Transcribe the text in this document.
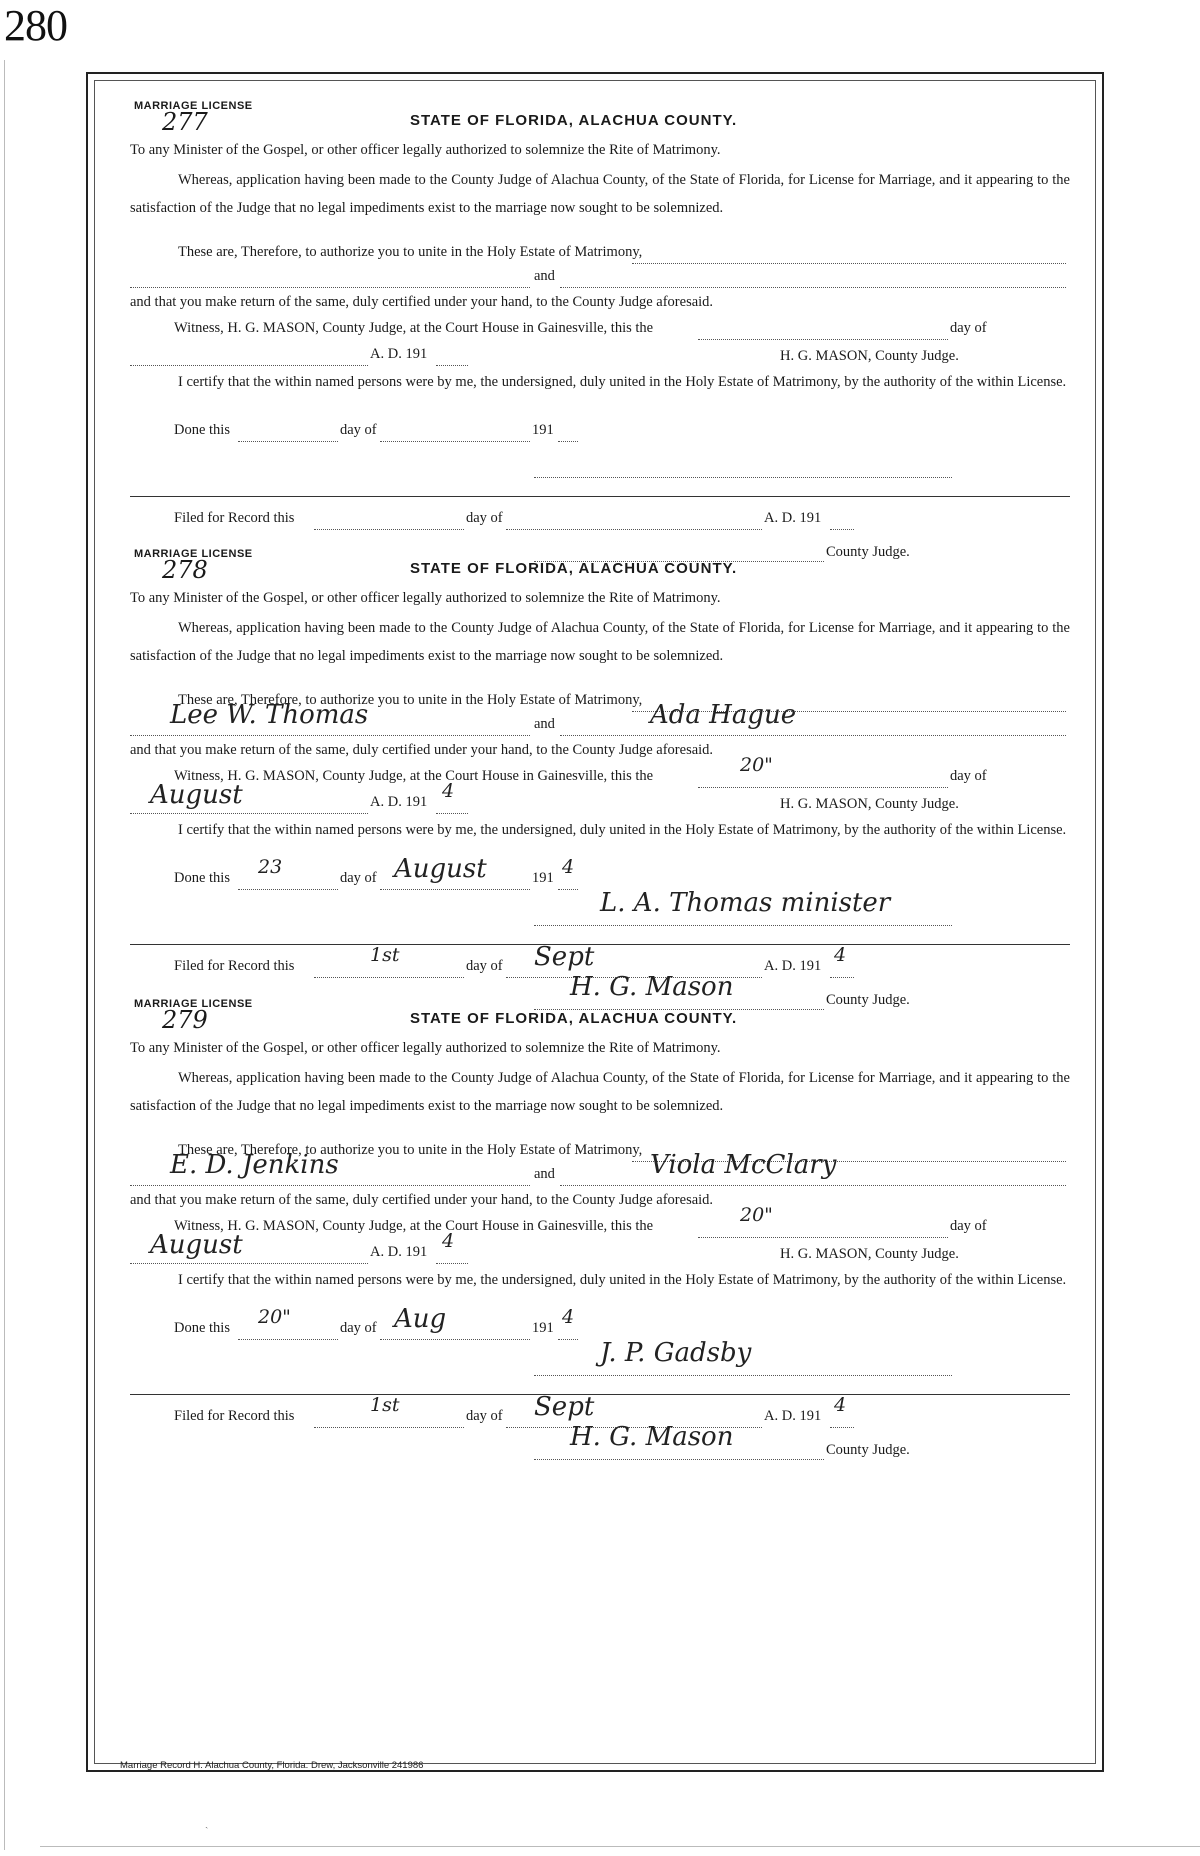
280
MARRIAGE LICENSE
277	STATE OF FLORIDA, ALACHUA COUNTY.
To any Minister of the Gospel, or other officer legally authorized to solemnize the Rite of Matrimony.
Whereas, application having been made to the County Judge of Alachua County, of the State of Florida, for License for Marriage, and it appearing to the satisfaction of the Judge that no legal impediments exist to the marriage now sought to be solemnized.
These are, Therefore, to authorize you to unite in the Holy Estate of Matrimony,
and
and that you make return of the same, duly certified under your hand, to the County Judge aforesaid.
Witness, H. G. MASON, County Judge, at the Court House in Gainesville, this the	day of
A. D. 191	H. G. MASON, County Judge.
I certify that the within named persons were by me, the undersigned, duly united in the Holy Estate of Matrimony, by the authority of the within License.
Done this	day of	191
Filed for Record this	day of	A. D. 191
County Judge.
MARRIAGE LICENSE
278	STATE OF FLORIDA, ALACHUA COUNTY.
To any Minister of the Gospel, or other officer legally authorized to solemnize the Rite of Matrimony.
Whereas, application having been made to the County Judge of Alachua County, of the State of Florida, for License for Marriage, and it appearing to the satisfaction of the Judge that no legal impediments exist to the marriage now sought to be solemnized.
These are, Therefore, to authorize you to unite in the Holy Estate of Matrimony,
Lee W. Thomas	and	Ada Hague
and that you make return of the same, duly certified under your hand, to the County Judge aforesaid.
Witness, H. G. MASON, County Judge, at the Court House in Gainesville, this the	20"	day of
August	A. D. 191 4
H. G. MASON, County Judge.
I certify that the within named persons were by me, the undersigned, duly united in the Holy Estate of Matrimony, by the authority of the within License.
Done this 23	day of August	191 4
L. A. Thomas minister
Filed for Record this	1st	day of Sept	A. D. 191 4
H. G. Mason	County Judge.
MARRIAGE LICENSE
279	STATE OF FLORIDA, ALACHUA COUNTY.
To any Minister of the Gospel, or other officer legally authorized to solemnize the Rite of Matrimony.
Whereas, application having been made to the County Judge of Alachua County, of the State of Florida, for License for Marriage, and it appearing to the satisfaction of the Judge that no legal impediments exist to the marriage now sought to be solemnized.
These are, Therefore, to authorize you to unite in the Holy Estate of Matrimony,
E. D. Jenkins	and	Viola McClary
and that you make return of the same, duly certified under your hand, to the County Judge aforesaid.
Witness, H. G. MASON, County Judge, at the Court House in Gainesville, this the	20"	day of
August	A. D. 191 4
H. G. MASON, County Judge.
I certify that the within named persons were by me, the undersigned, duly united in the Holy Estate of Matrimony, by the authority of the within License.
Done this 20"	day of Aug	191 4
J. P. Gadsby
Filed for Record this	1st	day of Sept	A. D. 191 4
H. G. Mason	County Judge.
Marriage Record H. Alachua County, Florida. Drew, Jacksonville 241986
ˎ
